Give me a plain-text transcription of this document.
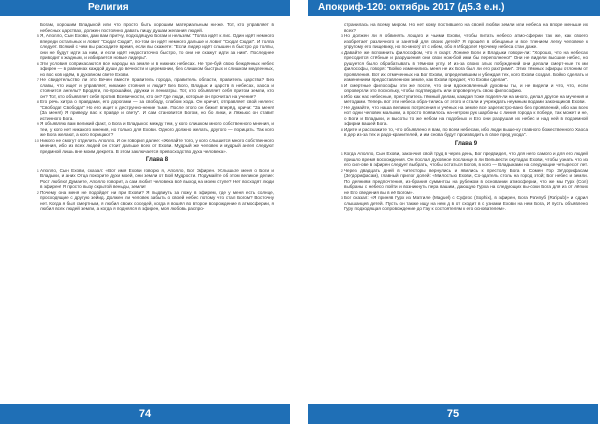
Религия

Богам, хорошим Владыкой или что просто быть хорошим материальным ни-же. Тот, кто управляет в небесных царствах, должен постоянно давать пищу душам желания людей.

5 Я, Аполло, Сын Ехови, дам вам притчу, подходящую Богам и нельзям: "Толпа идёт к лис. Один идёт немного впереди остальных и ловит "Сюда! Сюда!", по-том он идёт немного дальше и ловит "Сюда! Сюда!". И толпа следует. Всякий с чем вы расходите время, если вы скажете: "Если лидер идёт слышен в быстро до толпы, они не будут идти за ним, и если идёт недостаточно быстро, то они не скажут идти за ним". Последнее приводит к жадным, и избирается новые лидеры".

6 Эти условия соприкасаются все народы на земле и в нижних небесах. Не тре-буй свою беждённых небес эфирен — в равнинах каждой души до вечности и церемонии, без слишком быстрых и слишком медленных, но вос ков идём, в духовном свете Ехови.

7 Не свидетельство ли это Вечен вместе правитель города, правитель области, правитель царства? Без славы, что ищет и управляет, никакие стояния и люди? Без Бого, Владык и царств в небесах, хаоса и стоянится ангелы? Бродяги, по-прошайки, дружки и лениатры. Тот, кто объявляет себя притом земли, кто он? Тот, кто объявляет себя против Всевичности, кто он? Где люди, которые он прочитал на учение?

8 Его речь хитра о правдами, его дорогами — за свободу, слабом хода. Он кричит, отправляет свой нелегн: "Свобода! Свобода!" Но его ищет к деструнно-нение тьме. После этого он бежит вперёд, кричи: "За меня! (За меня!) Я приведу вас к правде и свету". И сам становится Богом, но бо лики, и Ляжьюс он ставит истинного Бога.

9 Я объявляю вам великий факт, о Бога и Владыкос между тем, у кого слишком много собственного мнения, и теи, у кого нет никакого мнения, но только для Ехови. Одного должно желать, другого — порицать. Так кого же Бога желают, а кого порицают?

10 Никого не смогут отделить Аполло. И он говорил далее: «Желайте того, у кого слышится много собственного мнения, ибо из всех людей он стоит дальше всех от Ехови. Мудрый же человек и мудрый ангел следуют предмной лишь вне моим декрета. В этом заключается превосходство духа человека».

Глава 8

1 Аполло, Сын Ехови, сказал: «Вот имя Ехови говорю я, Аполло, Бог Эфирен. Услышьте меня о Боги и Владыки, и аних Отца покорите духи моей, они земли от Бой Мудрости. Подумайте об этом великое делие: Рост люблю! Думаете, Аполло говорит, а сам любит человека всё выход на моем ступе? Нет восходят люди в эфирен! Я просто вызу скрытой веньды, земли!

2 Почему она меня не подойдет ни при Ехови? Я пыдвиуть за пожу в эфирем, где у меня есть солнце, просходящие с другую зейид. Должен ли человек забыть о своей небес потому что стал Богом? Восточну нет. Когда я был смертным, я любил своих соседей, когда я вошёл во второе возрождение в атмосферии, я любил всех людей земли, а когда я поднялся в эфирен, моя любовь распро-

74
Апокриф-120: октябрь 2017 (д5.3 е.н.)

странилась на всему миром. Но нет кому постившего на своей любви земли или небеса на впоре меньше их всех?

3 Но должен ли я обвинять лощаго и чьими Ехови, чтобы питать небесо атмо-сферии так же, как своего изобретает различного и занятий для своих детей? Я прошёл в обещанье и все тлением легку человеке к упругому его пищевику, но по-многу́ от с ибем, обо я Ибодоле! Нуочему небеса стан даже.

4 Давайте же вспомнить философом, что я скарт. Лонине Боги и Владыки говори-ли: "Хорошо, что на небесах пресодится стёбные и разрушения они свои нож-бой ими бы переполнено!" Они не видели высшие небес, но рушуется было обрабатывать в тёмном углу. И из-за своих злых побуждений они делали смерт-ные тк ми философы, говоря: "Бойко изменились меня не их Бога был ли его рахтрими". Этих тёмных эфирцы отлоним от проявления. Вот их отмеченных на Бог Ехови, определившим и убеждая тех, кого Ехови создал. Бойко сделать и изменением предоставленном земле, как Ехови предает, что Ехови сделан".

5 И смертные философы эти же после, что они вдохновленный духовны ты, и не видели и что, что, если опровергли это поскольку, чтобы подтвердить или опровергнуть свою философию.

6 Ибо как нас небесные, преступитесь тёмный делам, каждая тоже поделя-ли на много, делал другое на мучения и методами. Теперь вот эти небеса обра-тились от этого и стали и учреждать неумным водами законщиков Ехови.

7 Не думайте, что наша великих потрясения и учёных на земле все зарегистро-вано без проявлений, ибо как всех нот одни человек малыми, а просто появилось на-нетром рук шарбоны с линия города к победе, так может и не, о Боги и Владыки, и высоты то же небом на подобных и Его они разрушая их небес и над ней в подземной эфирии вашей Бога.

8 Идите и расскажите то, что объявлено я вам, по всем небесам, ибо люди выше-ку главного божественного Хаоса в дер из-за тех и радо-кранителей, и им снова будут производить в свое пред ухода".

Глава 9

1 Когда Аполло, Сын Ехови, закончил свой труд в через день, Бог предвидел, что для него самого и для его людей пришло время восхождения. Он послал духовное посланце в ли Вельвести окутадах Ехови, чтобы узнать что из его сил-ове в эфирен следует выбрать, чтобы остаться Богов, в кого — Владыками на следующие четыресот лет.

2 Через двадцать дней в читесторы вернулись и явились к престолу Бога в Сомен Гор Зе'дорифасам (Зе'дорифасам), главный прилог долей: «Милостью Ехови, Со-здатель столь на город этой; Бог небес и земли. По деяниям предпочтения, из-брания суммнтсы на рубежом в основании атмосферии, что же мы Гурх (Сол) выбраны с небесо пойти и возникнуть пера вашим, дающую Гурха на следующих вы-соки Бога для из от лёгких не Его сведения вы в её Богом».

3 Бог сказал: «Я приняв Гурх из Матгиле (Maguel) с Суфгос (Sophix), в эфирен, Бога Ра'ипуб (Ra'ipub)» и сдрил слышанцев детей. Пусть он также ищу на нем д в от сходит в с узнами Ехови на нем Бога, И пусть объявлено Гуру подходящая сопровождение до Гау к состоятелям к его основателем».

75
